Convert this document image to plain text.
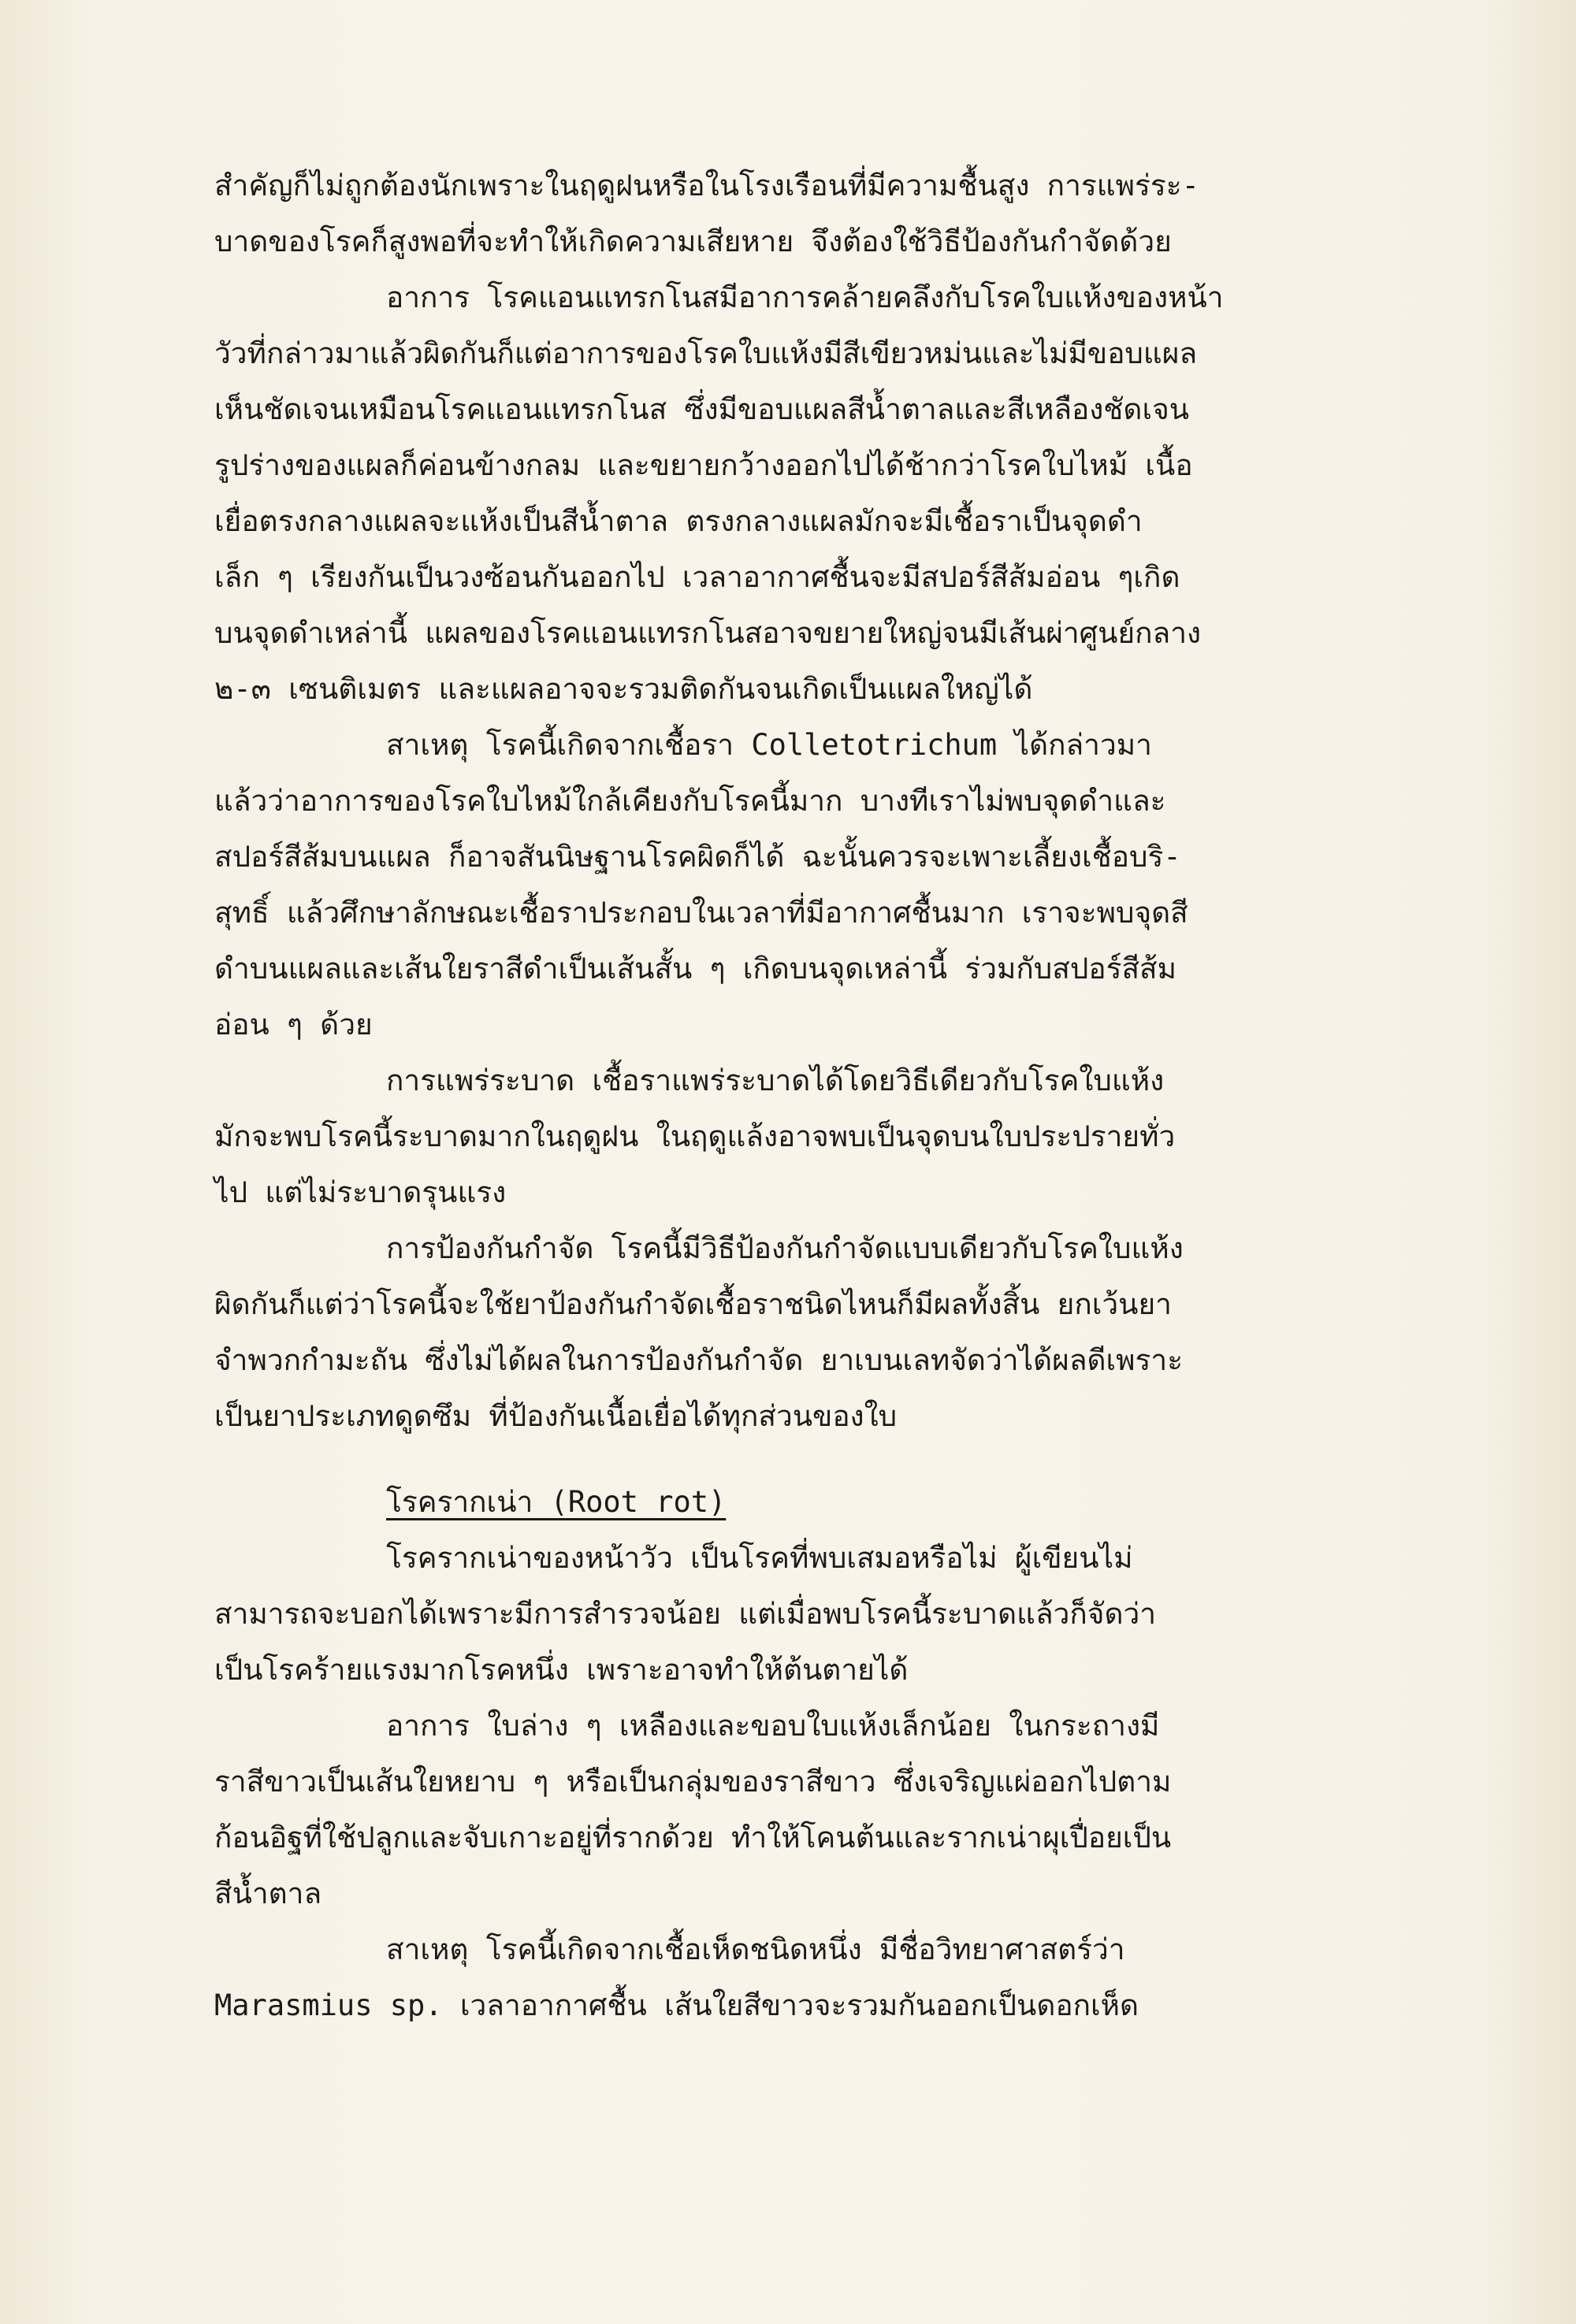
สำคัญก็ไม่ถูกต้องนักเพราะในฤดูฝนหรือในโรงเรือนที่มีความชื้นสูง การแพร่ระ-
บาดของโรคก็สูงพอที่จะทำให้เกิดความเสียหาย จึงต้องใช้วิธีป้องกันกำจัดด้วย
อาการ โรคแอนแทรกโนสมีอาการคล้ายคลึงกับโรคใบแห้งของหน้า
วัวที่กล่าวมาแล้วผิดกันก็แต่อาการของโรคใบแห้งมีสีเขียวหม่นและไม่มีขอบแผล
เห็นชัดเจนเหมือนโรคแอนแทรกโนส ซึ่งมีขอบแผลสีน้ำตาลและสีเหลืองชัดเจน
รูปร่างของแผลก็ค่อนข้างกลม และขยายกว้างออกไปได้ช้ากว่าโรคใบไหม้ เนื้อ
เยื่อตรงกลางแผลจะแห้งเป็นสีน้ำตาล ตรงกลางแผลมักจะมีเชื้อราเป็นจุดดำ
เล็ก ๆ เรียงกันเป็นวงซ้อนกันออกไป เวลาอากาศชื้นจะมีสปอร์สีส้มอ่อน ๆเกิด
บนจุดดำเหล่านี้ แผลของโรคแอนแทรกโนสอาจขยายใหญ่จนมีเส้นผ่าศูนย์กลาง
๒-๓ เซนติเมตร และแผลอาจจะรวมติดกันจนเกิดเป็นแผลใหญ่ได้
สาเหตุ โรคนี้เกิดจากเชื้อรา Colletotrichum ได้กล่าวมา
แล้วว่าอาการของโรคใบไหม้ใกล้เคียงกับโรคนี้มาก บางทีเราไม่พบจุดดำและ
สปอร์สีส้มบนแผล ก็อาจสันนิษฐานโรคผิดก็ได้ ฉะนั้นควรจะเพาะเลี้ยงเชื้อบริ-
สุทธิ์ แล้วศึกษาลักษณะเชื้อราประกอบในเวลาที่มีอากาศชื้นมาก เราจะพบจุดสี
ดำบนแผลและเส้นใยราสีดำเป็นเส้นสั้น ๆ เกิดบนจุดเหล่านี้ ร่วมกับสปอร์สีส้ม
อ่อน ๆ ด้วย
การแพร่ระบาด เชื้อราแพร่ระบาดได้โดยวิธีเดียวกับโรคใบแห้ง
มักจะพบโรคนี้ระบาดมากในฤดูฝน ในฤดูแล้งอาจพบเป็นจุดบนใบประปรายทั่ว
ไป แต่ไม่ระบาดรุนแรง
การป้องกันกำจัด โรคนี้มีวิธีป้องกันกำจัดแบบเดียวกับโรคใบแห้ง
ผิดกันก็แต่ว่าโรคนี้จะใช้ยาป้องกันกำจัดเชื้อราชนิดไหนก็มีผลทั้งสิ้น ยกเว้นยา
จำพวกกำมะถัน ซึ่งไม่ได้ผลในการป้องกันกำจัด ยาเบนเลทจัดว่าได้ผลดีเพราะ
เป็นยาประเภทดูดซึม ที่ป้องกันเนื้อเยื่อได้ทุกส่วนของใบ
โรครากเน่า (Root rot)
โรครากเน่าของหน้าวัว เป็นโรคที่พบเสมอหรือไม่ ผู้เขียนไม่
สามารถจะบอกได้เพราะมีการสำรวจน้อย แต่เมื่อพบโรคนี้ระบาดแล้วก็จัดว่า
เป็นโรคร้ายแรงมากโรคหนึ่ง เพราะอาจทำให้ต้นตายได้
อาการ ใบล่าง ๆ เหลืองและขอบใบแห้งเล็กน้อย ในกระถางมี
ราสีขาวเป็นเส้นใยหยาบ ๆ หรือเป็นกลุ่มของราสีขาว ซึ่งเจริญแผ่ออกไปตาม
ก้อนอิฐที่ใช้ปลูกและจับเกาะอยู่ที่รากด้วย ทำให้โคนต้นและรากเน่าผุเปื่อยเป็น
สีน้ำตาล
สาเหตุ โรคนี้เกิดจากเชื้อเห็ดชนิดหนึ่ง มีชื่อวิทยาศาสตร์ว่า
Marasmius sp. เวลาอากาศชื้น เส้นใยสีขาวจะรวมกันออกเป็นดอกเห็ด
